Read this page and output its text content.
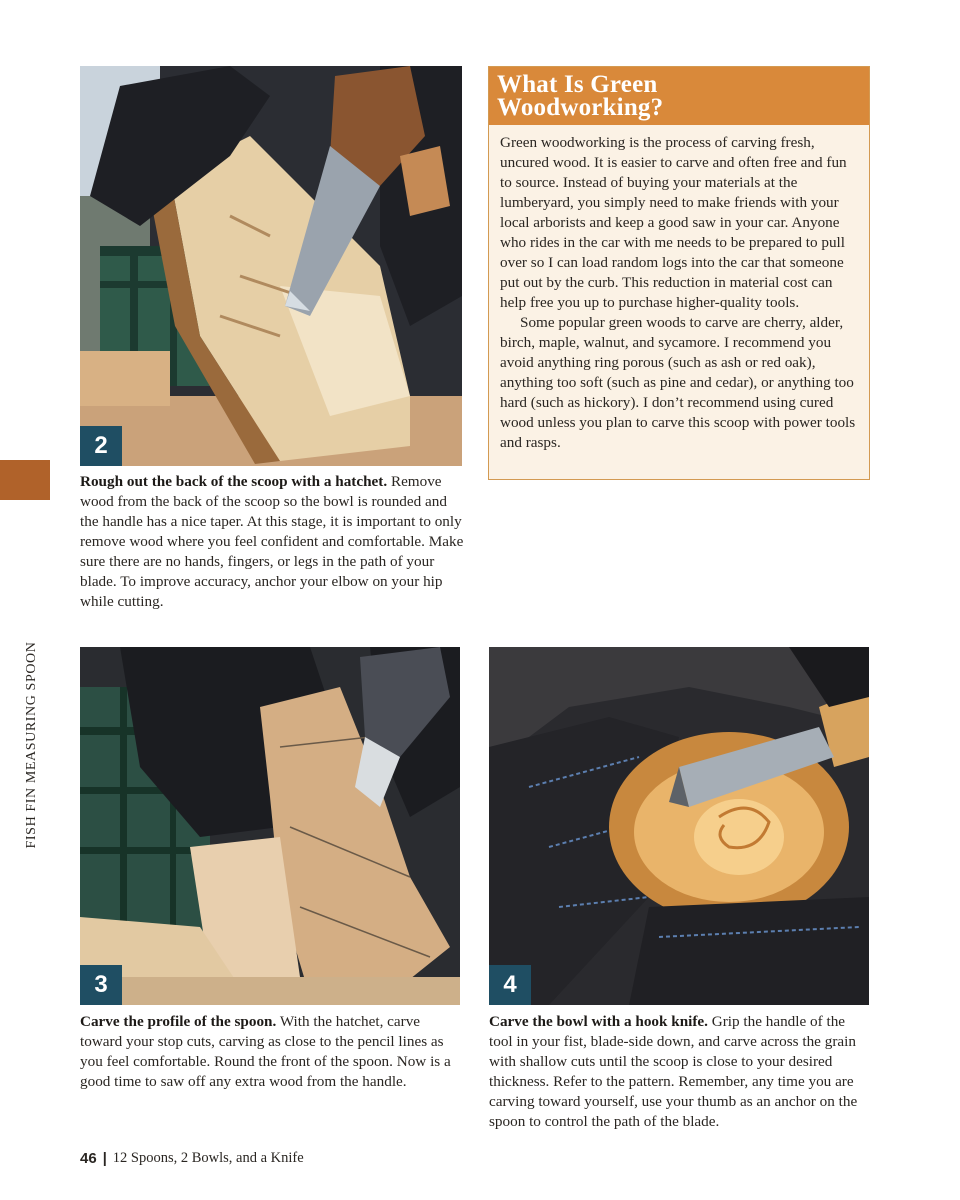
FISH FIN MEASURING SPOON
2
Rough out the back of the scoop with a hatchet. Remove wood from the back of the scoop so the bowl is rounded and the handle has a nice taper. At this stage, it is important to only remove wood where you feel confident and comfortable. Make sure there are no hands, fingers, or legs in the path of your blade. To improve accuracy, anchor your elbow on your hip while cutting.
What Is Green
Woodworking?

Green woodworking is the process of carving fresh, uncured wood. It is easier to carve and often free and fun to source. Instead of buying your materials at the lumberyard, you simply need to make friends with your local arborists and keep a good saw in your car. Anyone who rides in the car with me needs to be prepared to pull over so I can load random logs into the car that someone put out by the curb. This reduction in material cost can help free you up to purchase higher-quality tools.

Some popular green woods to carve are cherry, alder, birch, maple, walnut, and sycamore. I recommend you avoid anything ring porous (such as ash or red oak), anything too soft (such as pine and cedar), or anything too hard (such as hickory). I don’t recommend using cured wood unless you plan to carve this scoop with power tools and rasps.

3
Carve the profile of the spoon. With the hatchet, carve toward your stop cuts, carving as close to the pencil lines as you feel comfortable. Round the front of the spoon. Now is a good time to saw off any extra wood from the handle.
4
Carve the bowl with a hook knife. Grip the handle of the tool in your fist, blade-side down, and carve across the grain with shallow cuts until the scoop is close to your desired thickness. Refer to the pattern. Remember, any time you are carving toward yourself, use your thumb as an anchor on the spoon to control the path of the blade.
46 | 12 Spoons, 2 Bowls, and a Knife
